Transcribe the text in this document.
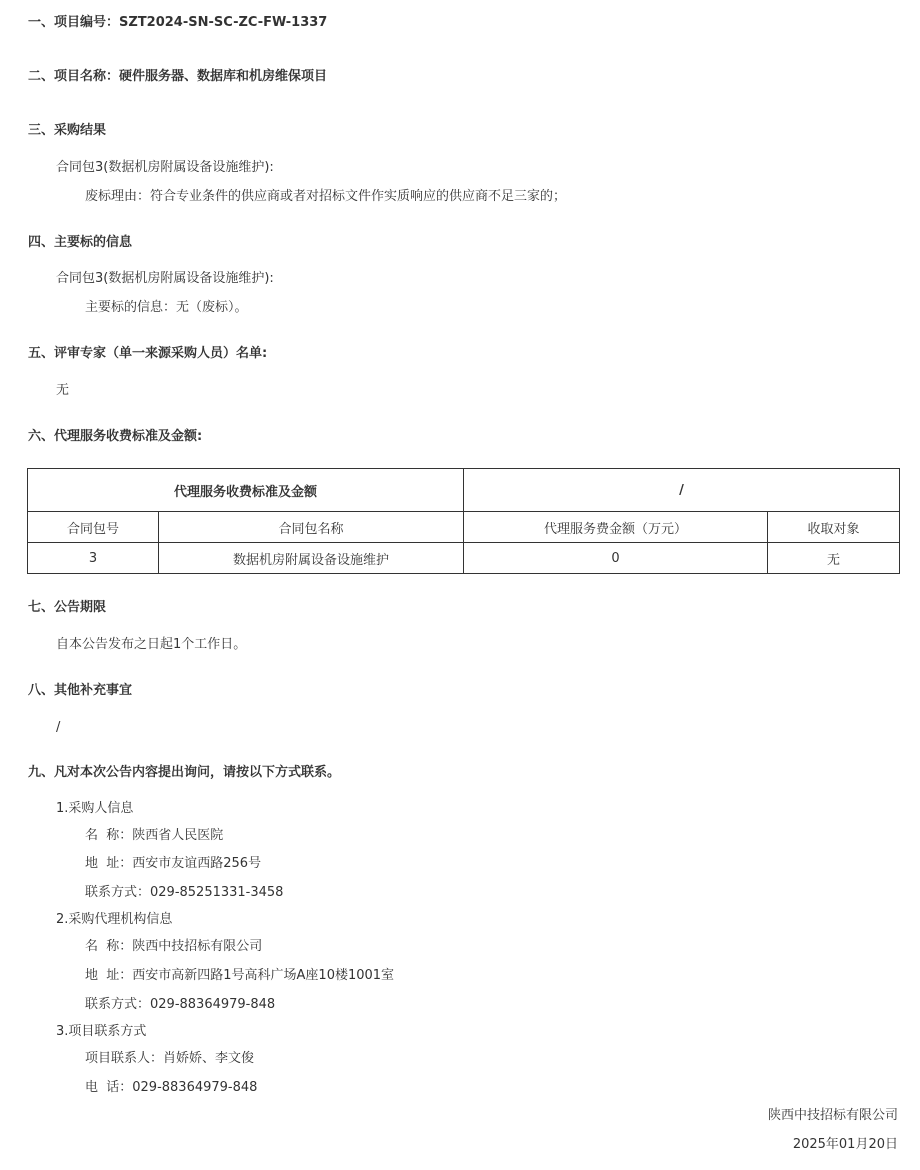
一、项目编号：SZT2024-SN-SC-ZC-FW-1337
二、项目名称：硬件服务器、数据库和机房维保项目
三、采购结果
合同包3(数据机房附属设备设施维护):
废标理由：符合专业条件的供应商或者对招标文件作实质响应的供应商不足三家的；
四、主要标的信息
合同包3(数据机房附属设备设施维护):
主要标的信息：无（废标）。
五、评审专家（单一来源采购人员）名单:
无
六、代理服务收费标准及金额:
代理服务收费标准及金额		/	
合同包号	合同包名称	代理服务费金额（万元）	收取对象
3	数据机房附属设备设施维护	0	无
七、公告期限
自本公告发布之日起1个工作日。
八、其他补充事宜
/
九、凡对本次公告内容提出询问，请按以下方式联系。
1.采购人信息
名  称：陕西省人民医院
地  址：西安市友谊西路256号
联系方式：029-85251331-3458
2.采购代理机构信息
名  称：陕西中技招标有限公司
地  址：西安市高新四路1号高科广场A座10楼1001室
联系方式：029-88364979-848
3.项目联系方式
项目联系人：肖娇娇、李文俊
电  话：029-88364979-848
陕西中技招标有限公司
2025年01月20日
